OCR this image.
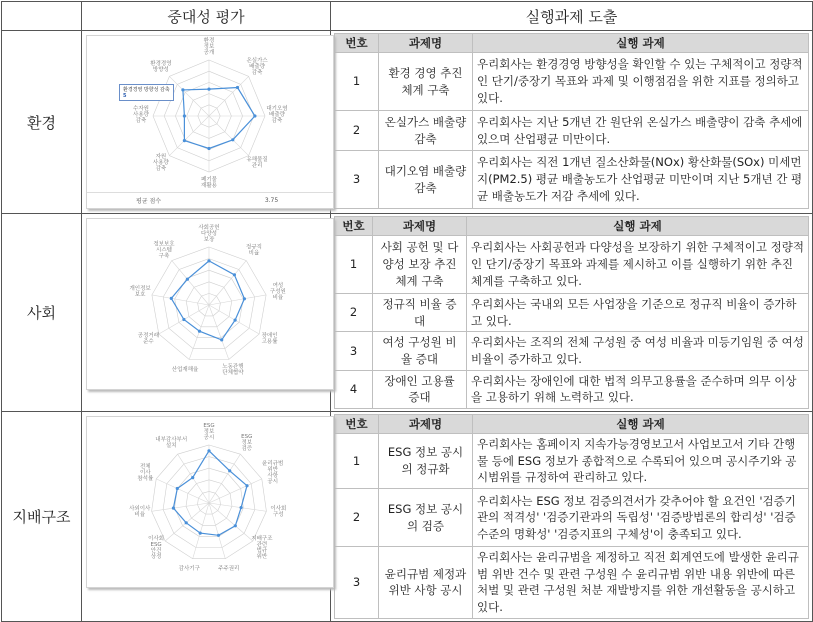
	중대성 평가	실행과제 도출
환경	
환경 정보 공개
온실가스 배출량 감축
대기오염 배출량 감축
유해물질 관리
폐기물 재활용
자원 사용량 감축
수자원 사용량 감축
환경경영 방향성
환경경영 방향성 감축
5
평균 점수	3.75

번호	과제명	실행 과제
1	환경 경영 추진 체계 구축	우리회사는 환경경영 방향성을 확인할 수 있는 구체적이고 정량적인 단기/중장기 목표와 과제 및 이행점검을 위한 지표를 정의하고 있다.
2	온실가스 배출량 감축	우리회사는 지난 5개년 간 원단위 온실가스 배출량이 감축 추세에 있으며 산업평균 미만이다.
3	대기오염 배출량 감축	우리회사는 직전 1개년 질소산화물(NOx) 황산화물(SOx) 미세먼지(PM2.5) 평균 배출농도가 산업평균 미만이며 지난 5개년 간 평균 배출농도가 저감 추세에 있다.

사회	
사회공헌 다양성 보장
정규직 비율
여성 구성원 비율
장애인 고용률
노동관행 단체협약
산업재해율
공정거래 준수
개인정보 보호
정보보호 시스템 구축

번호	과제명	실행 과제
1	사회 공헌 및 다양성 보장 추진 체계 구축	우리회사는 사회공헌과 다양성을 보장하기 위한 구체적이고 정량적인 단기/중장기 목표와 과제를 제시하고 이를 실행하기 위한 추진체계를 구축하고 있다.
2	정규직 비율 증대	우리회사는 국내외 모든 사업장을 기준으로 정규직 비율이 증가하고 있다.
3	여성 구성원 비율 증대	우리회사는 조직의 전체 구성원 중 여성 비율과 미등기임원 중 여성 비율이 증가하고 있다.
4	장애인 고용률 증대	우리회사는 장애인에 대한 법적 의무고용률을 준수하며 의무 이상을 고용하기 위해 노력하고 있다.

지배구조	
ESG 정보 공시	ESG 정보 검증
윤리규범 위반 사항 공시
이사회 구성
지배구조 관련 법규 위반
주주권리
감사기구
이사회 ESG 안건 상정
사외이사 비율
전체 이사 참석률
내부감사부서 설치

번호	과제명	실행 과제
1	ESG 정보 공시의 정규화	우리회사는 홈페이지 지속가능경영보고서 사업보고서 기타 간행물 등에 ESG 정보가 종합적으로 수록되어 있으며 공시주기와 공시범위를 규정하여 관리하고 있다.
2	ESG 정보 공시의 검증	우리회사는 ESG 정보 검증의견서가 갖추어야 할 요건인 '검증기관의 적격성' '검증기관과의 독립성' '검증방법론의 합리성' '검증수준의 명확성' '검증지표의 구체성'이 충족되고 있다.
3	윤리규범 제정과 위반 사항 공시	우리회사는 윤리규범을 제정하고 직전 회계연도에 발생한 윤리규범 위반 건수 및 관련 구성원 수 윤리규범 위반 내용 위반에 따른 처벌 및 관련 구성원 처분 재발방지를 위한 개선활동을 공시하고 있다.
